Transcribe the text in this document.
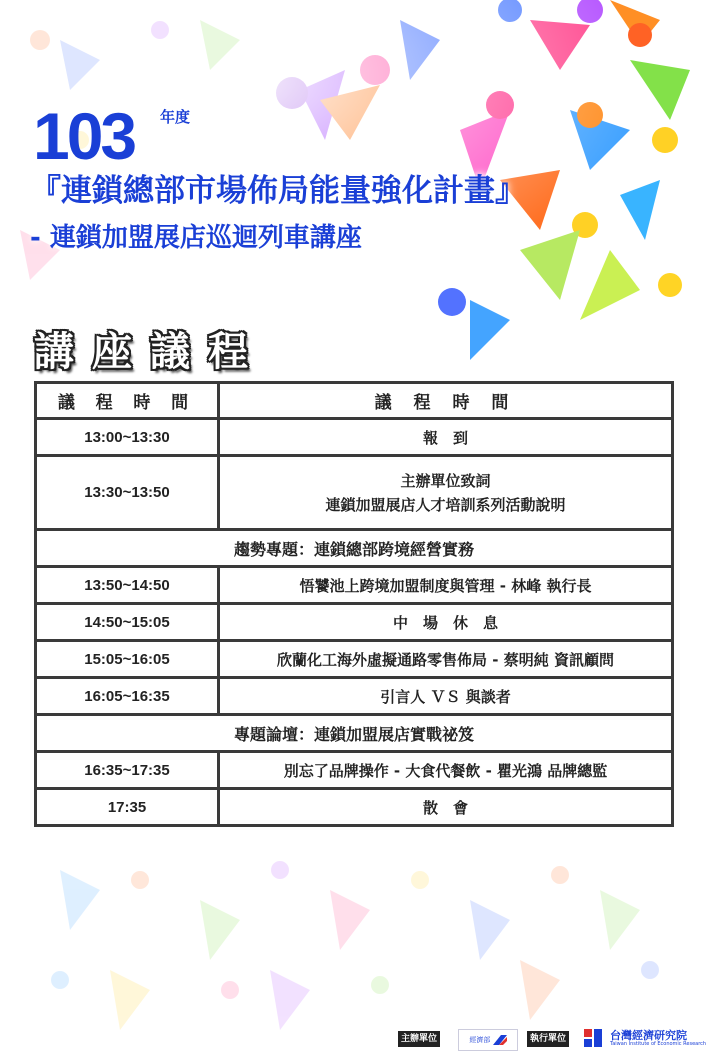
103 年度
『連鎖總部市場佈局能量強化計畫』
- 連鎖加盟展店巡迴列車講座
講座議程
議 程 時 間	議 程 時 間
13:00~13:30	報　到
13:30~13:50	主辦單位致詞
連鎖加盟展店人才培訓系列活動說明

趨勢專題：連鎖總部跨境經營實務	
13:50~14:50	悟饕池上跨境加盟制度與管理 - 林峰 執行長
14:50~15:05	中　場　休　息
15:05~16:05	欣蘭化工海外虛擬通路零售佈局 - 蔡明純 資訊顧問
16:05~16:35	引言人 ＶＳ 與談者
專題論壇：連鎖加盟展店實戰祕笈	
16:35~17:35	別忘了品牌操作 - 大食代餐飲 - 瞿光鴻 品牌總監
17:35	散　會
主辦單位	經濟部	執行單位	台灣經濟研究院
Taiwan Institute of Economic Research
